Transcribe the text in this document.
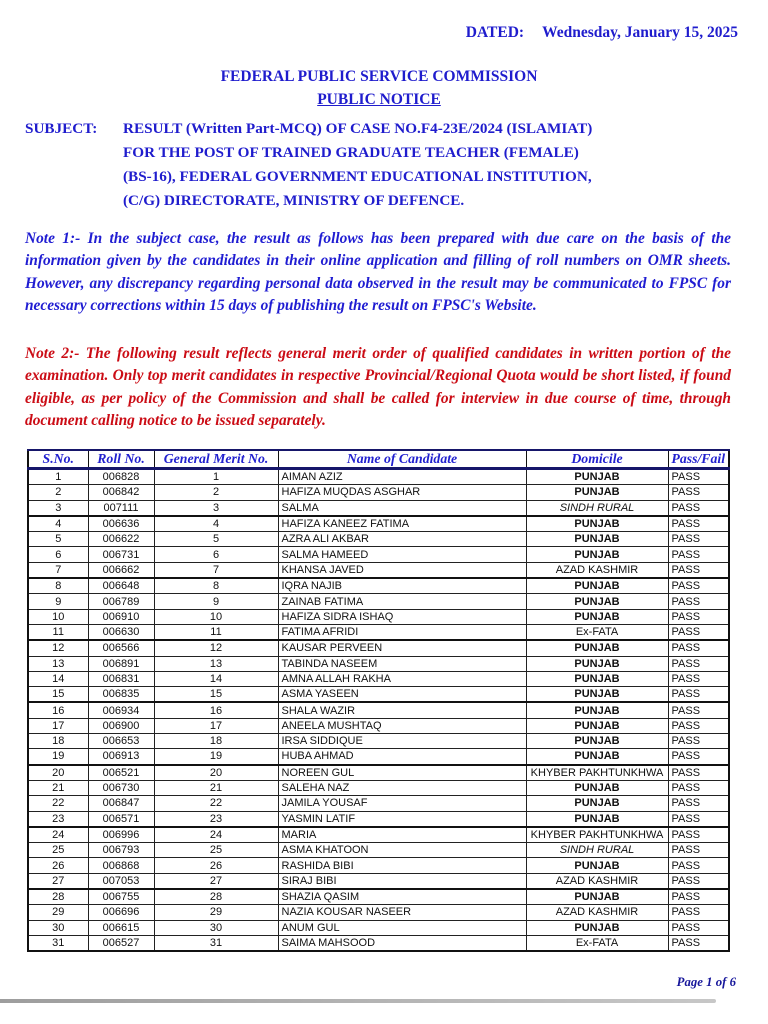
DATED: Wednesday, January 15, 2025
FEDERAL PUBLIC SERVICE COMMISSION
PUBLIC NOTICE
SUBJECT:	RESULT (Written Part-MCQ) OF CASE NO.F4-23E/2024 (ISLAMIAT)
FOR THE POST OF TRAINED GRADUATE TEACHER (FEMALE)
(BS-16), FEDERAL GOVERNMENT EDUCATIONAL INSTITUTION,
(C/G) DIRECTORATE, MINISTRY OF DEFENCE.
Note 1:- In the subject case, the result as follows has been prepared with due care on the basis of the information given by the candidates in their online application and filling of roll numbers on OMR sheets. However, any discrepancy regarding personal data observed in the result may be communicated to FPSC for necessary corrections within 15 days of publishing the result on FPSC's Website.
Note 2:- The following result reflects general merit order of qualified candidates in written portion of the examination. Only top merit candidates in respective Provincial/Regional Quota would be short listed, if found eligible, as per policy of the Commission and shall be called for interview in due course of time, through document calling notice to be issued separately.
S.No.	Roll No.	General Merit No.	Name of Candidate	Domicile	Pass/Fail
1	006828	1	AIMAN AZIZ	PUNJAB	PASS
2	006842	2	HAFIZA MUQDAS ASGHAR	PUNJAB	PASS
3	007111	3	SALMA	SINDH RURAL	PASS
4	006636	4	HAFIZA KANEEZ FATIMA	PUNJAB	PASS
5	006622	5	AZRA ALI AKBAR	PUNJAB	PASS
6	006731	6	SALMA HAMEED	PUNJAB	PASS
7	006662	7	KHANSA JAVED	AZAD KASHMIR	PASS
8	006648	8	IQRA NAJIB	PUNJAB	PASS
9	006789	9	ZAINAB FATIMA	PUNJAB	PASS
10	006910	10	HAFIZA SIDRA ISHAQ	PUNJAB	PASS
11	006630	11	FATIMA AFRIDI	Ex-FATA	PASS
12	006566	12	KAUSAR PERVEEN	PUNJAB	PASS
13	006891	13	TABINDA NASEEM	PUNJAB	PASS
14	006831	14	AMNA ALLAH RAKHA	PUNJAB	PASS
15	006835	15	ASMA YASEEN	PUNJAB	PASS
16	006934	16	SHALA WAZIR	PUNJAB	PASS
17	006900	17	ANEELA MUSHTAQ	PUNJAB	PASS
18	006653	18	IRSA SIDDIQUE	PUNJAB	PASS
19	006913	19	HUBA AHMAD	PUNJAB	PASS
20	006521	20	NOREEN GUL	KHYBER PAKHTUNKHWA	PASS
21	006730	21	SALEHA NAZ	PUNJAB	PASS
22	006847	22	JAMILA YOUSAF	PUNJAB	PASS
23	006571	23	YASMIN LATIF	PUNJAB	PASS
24	006996	24	MARIA	KHYBER PAKHTUNKHWA	PASS
25	006793	25	ASMA KHATOON	SINDH RURAL	PASS
26	006868	26	RASHIDA BIBI	PUNJAB	PASS
27	007053	27	SIRAJ BIBI	AZAD KASHMIR	PASS
28	006755	28	SHAZIA QASIM	PUNJAB	PASS
29	006696	29	NAZIA KOUSAR NASEER	AZAD KASHMIR	PASS
30	006615	30	ANUM GUL	PUNJAB	PASS
31	006527	31	SAIMA MAHSOOD	Ex-FATA	PASS
Page 1 of 6
